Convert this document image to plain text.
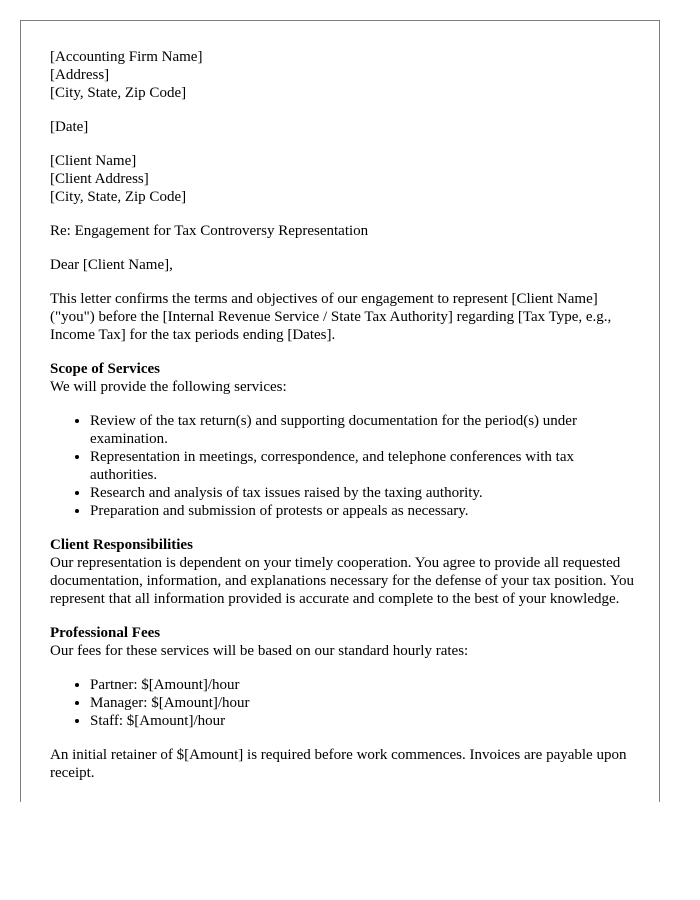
[Accounting Firm Name]
[Address]
[City, State, Zip Code]
[Date]
[Client Name]
[Client Address]
[City, State, Zip Code]

Re: Engagement for Tax Controversy Representation

Dear [Client Name],

This letter confirms the terms and objectives of our engagement to represent [Client Name] ("you") before the [Internal Revenue Service / State Tax Authority] regarding [Tax Type, e.g., Income Tax] for the tax periods ending [Dates].

Scope of Services
We will provide the following services:
• Review of the tax return(s) and supporting documentation for the period(s) under examination.
• Representation in meetings, correspondence, and telephone conferences with tax authorities.
• Research and analysis of tax issues raised by the taxing authority.
• Preparation and submission of protests or appeals as necessary.
Client Responsibilities
Our representation is dependent on your timely cooperation. You agree to provide all requested documentation, information, and explanations necessary for the defense of your tax position. You represent that all information provided is accurate and complete to the best of your knowledge.
Professional Fees
Our fees for these services will be based on our standard hourly rates:
• Partner: $[Amount]/hour
• Manager: $[Amount]/hour
• Staff: $[Amount]/hour

An initial retainer of $[Amount] is required before work commences. Invoices are payable upon receipt.
